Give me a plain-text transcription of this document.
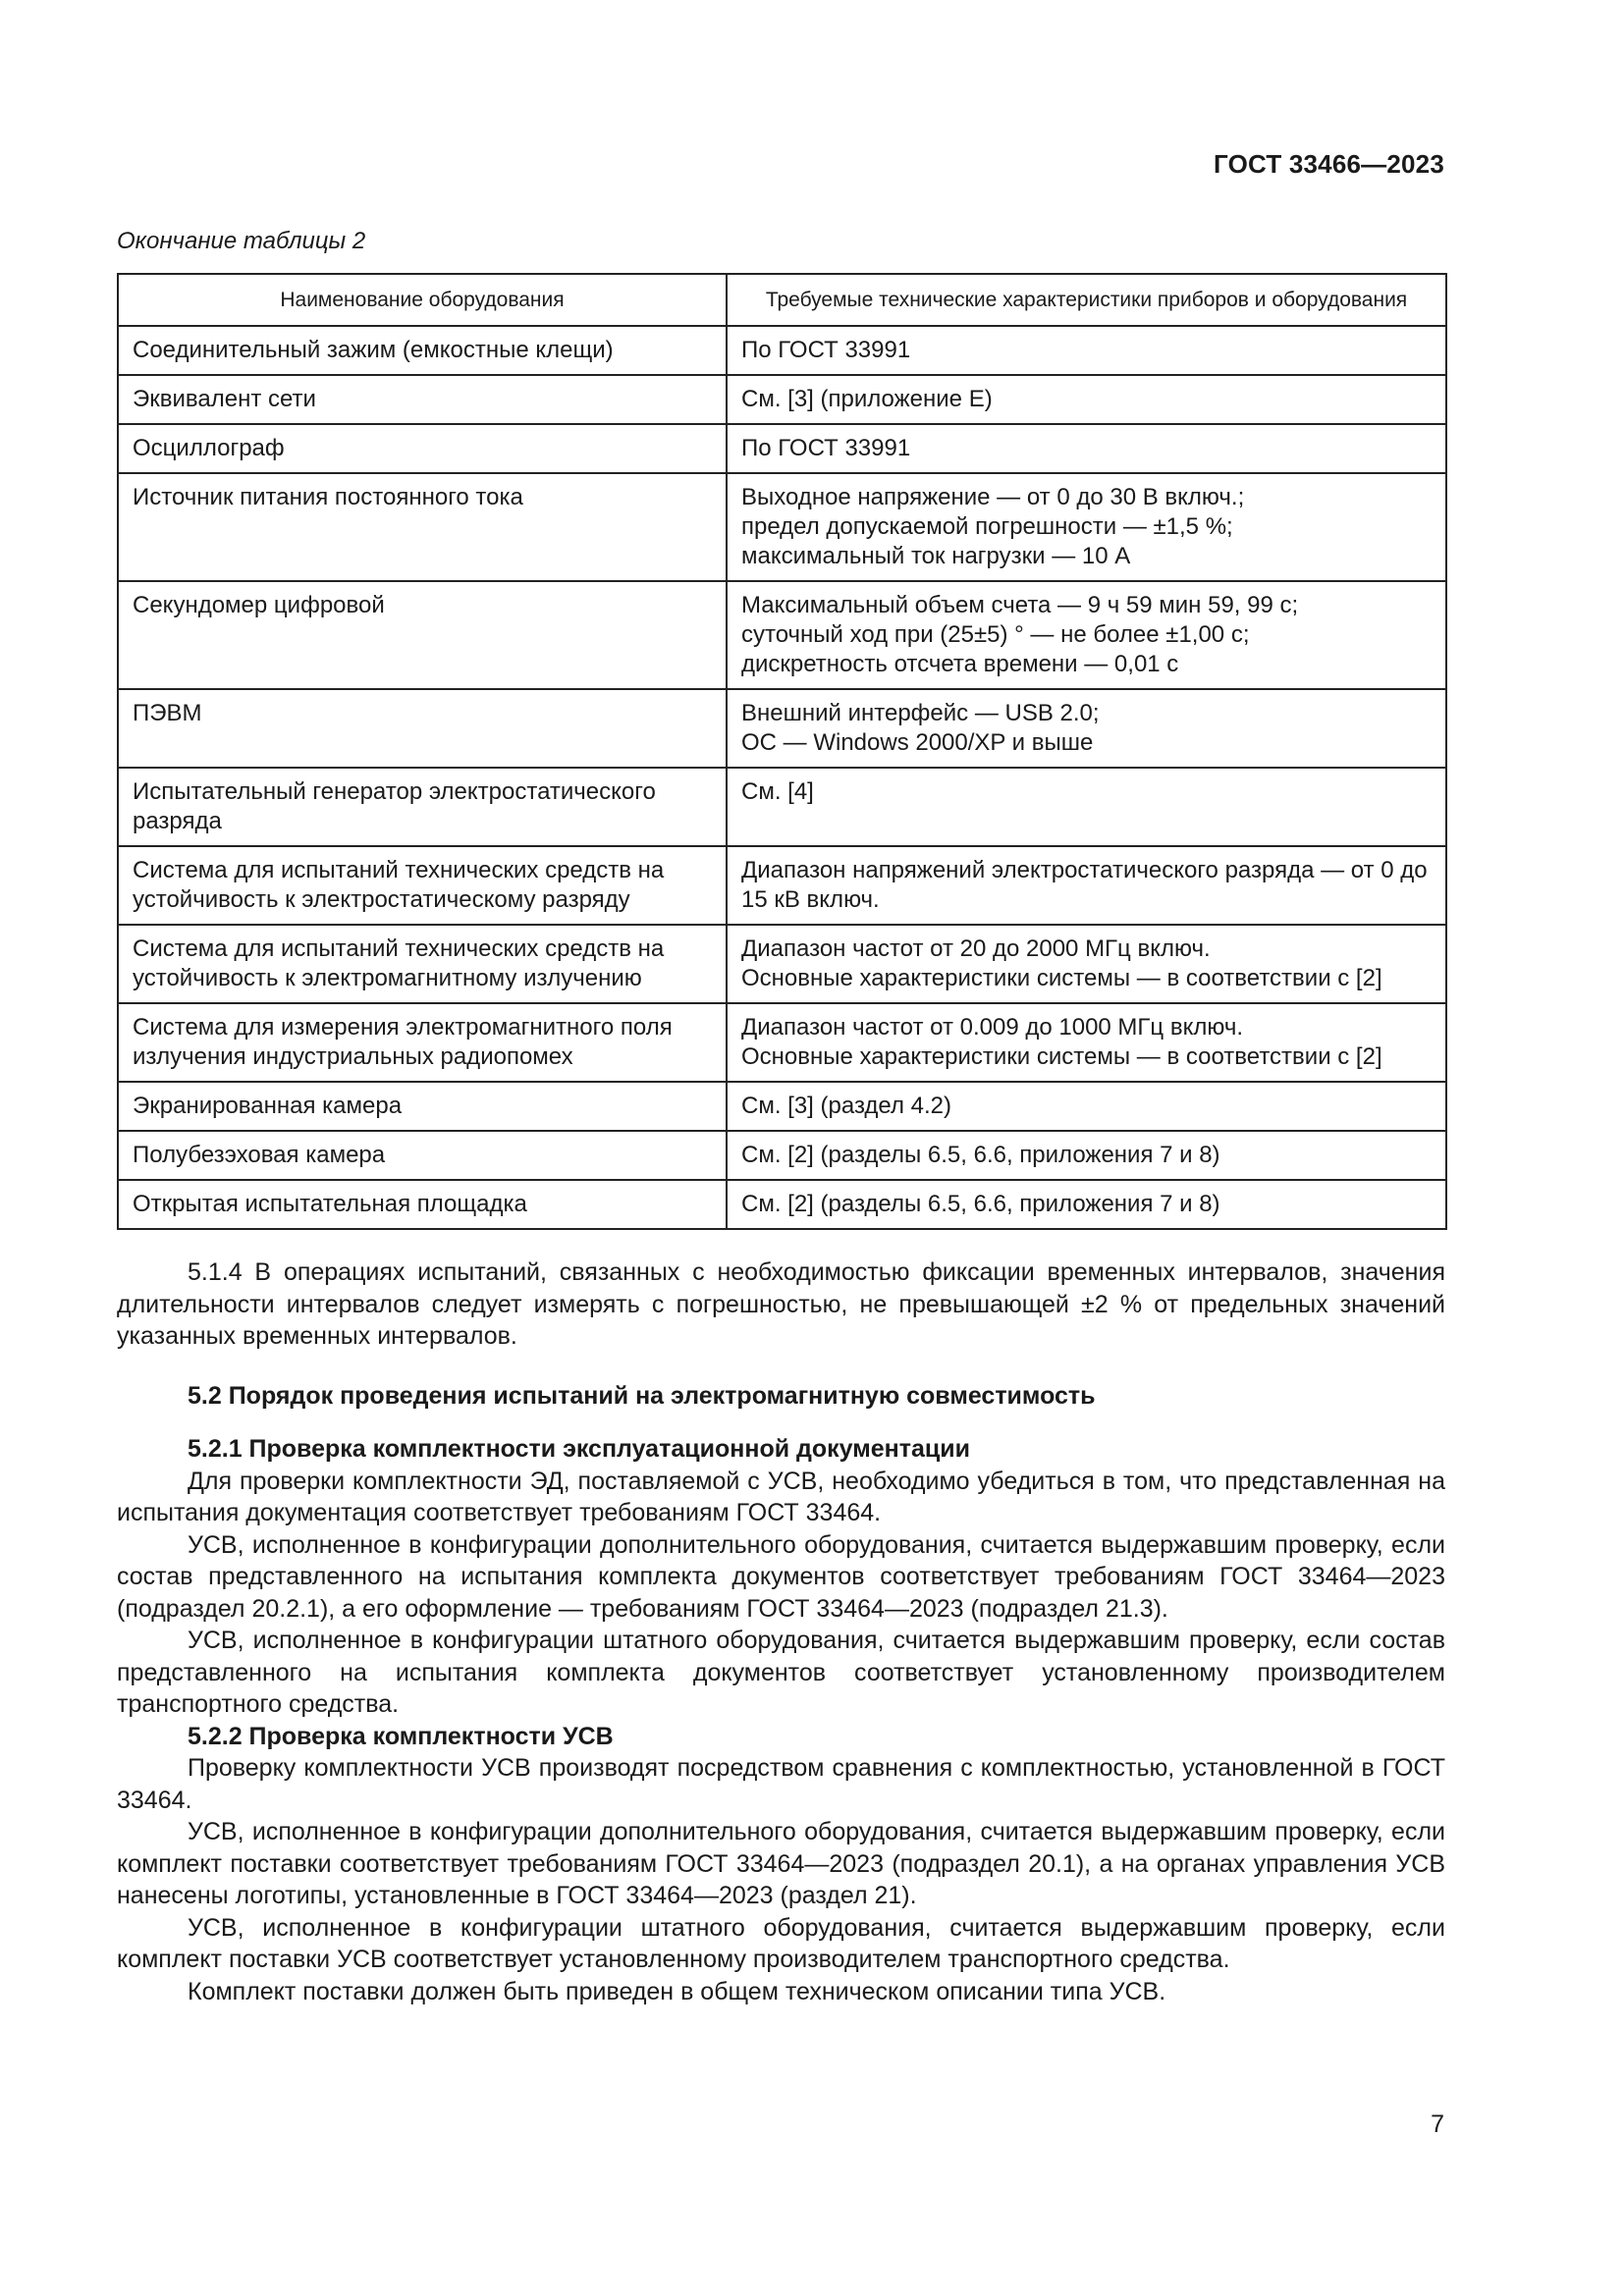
ГОСТ 33466—2023
Окончание таблицы 2
Наименование оборудования	Требуемые технические характеристики приборов и оборудования
Соединительный зажим (емкостные клещи)	По ГОСТ 33991

Эквивалент сети	См. [3] (приложение Е)

Осциллограф	По ГОСТ 33991

Источник питания постоянного тока	Выходное напряжение — от 0 до 30 В включ.;
предел допускаемой погрешности — ±1,5 %;
максимальный ток нагрузки — 10 А

Секундомер цифровой	Максимальный объем счета — 9 ч 59 мин 59, 99 с;
суточный ход при (25±5) ° — не более ±1,00 с;
дискретность отсчета времени — 0,01 с

ПЭВМ	Внешний интерфейс — USB 2.0;
ОС — Windows 2000/XP и выше

Испытательный генератор электростатического разряда	См. [4]

Система для испытаний технических средств на устойчивость к электростатическому разряду	Диапазон напряжений электростатического разряда — от 0 до 15 кВ включ.
Система для испытаний технических средств на устойчивость к электромагнитному излучению	Диапазон частот от 20 до 2000 МГц включ.
Основные характеристики системы — в соответствии с [2]

Система для измерения электромагнитного поля излучения индустриальных радиопомех	Диапазон частот от 0.009 до 1000 МГц включ.
Основные характеристики системы — в соответствии с [2]

Экранированная камера	См. [3] (раздел 4.2)

Полубезэховая камера	См. [2] (разделы 6.5, 6.6, приложения 7 и 8)

Открытая испытательная площадка	См. [2] (разделы 6.5, 6.6, приложения 7 и 8)

5.1.4 В операциях испытаний, связанных с необходимостью фиксации временных интервалов, значения длительности интервалов следует измерять с погрешностью, не превышающей ±2 % от предельных значений указанных временных интервалов.

5.2 Порядок проведения испытаний на электромагнитную совместимость
5.2.1 Проверка комплектности эксплуатационной документации

Для проверки комплектности ЭД, поставляемой с УСВ, необходимо убедиться в том, что представленная на испытания документация соответствует требованиям ГОСТ 33464.

УСВ, исполненное в конфигурации дополнительного оборудования, считается выдержавшим проверку, если состав представленного на испытания комплекта документов соответствует требованиям ГОСТ 33464—2023 (подраздел 20.2.1), а его оформление — требованиям ГОСТ 33464—2023 (подраздел 21.3).

УСВ, исполненное в конфигурации штатного оборудования, считается выдержавшим проверку, если состав представленного на испытания комплекта документов соответствует установленному производителем транспортного средства.

5.2.2 Проверка комплектности УСВ

Проверку комплектности УСВ производят посредством сравнения с комплектностью, установленной в ГОСТ 33464.

УСВ, исполненное в конфигурации дополнительного оборудования, считается выдержавшим проверку, если комплект поставки соответствует требованиям ГОСТ 33464—2023 (подраздел 20.1), а на органах управления УСВ нанесены логотипы, установленные в ГОСТ 33464—2023 (раздел 21).

УСВ, исполненное в конфигурации штатного оборудования, считается выдержавшим проверку, если комплект поставки УСВ соответствует установленному производителем транспортного средства.

Комплект поставки должен быть приведен в общем техническом описании типа УСВ.

7
